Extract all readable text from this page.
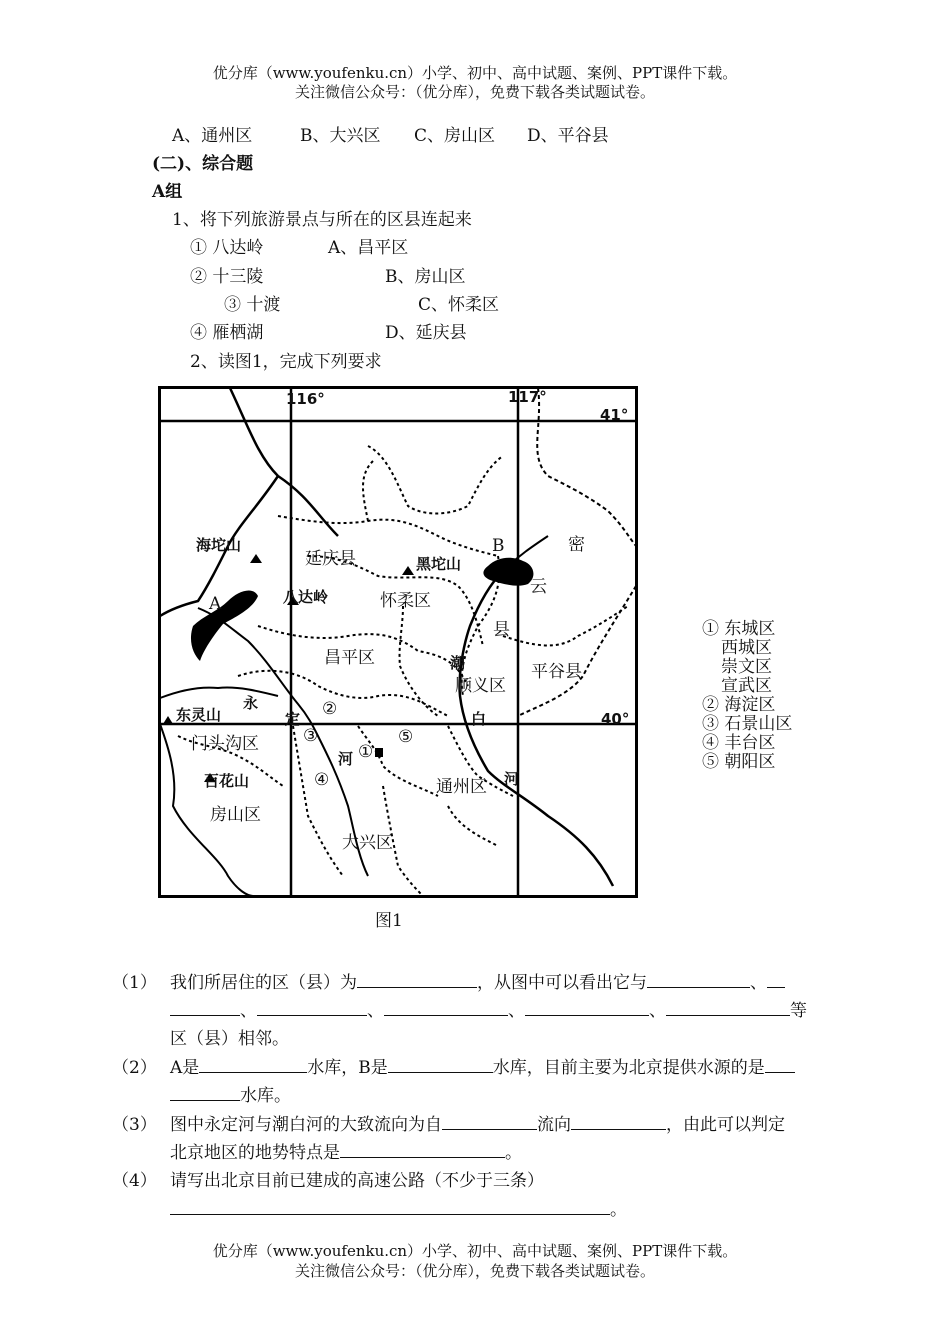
优分库（www.youfenku.cn）小学、初中、高中试题、案例、PPT课件下载。
关注微信公众号：（优分库），免费下载各类试题试卷。
A、通州区	B、大兴区 C、房山区 D、平谷县
(二)、综合题
A组
1、将下列旅游景点与所在的区县连起来
① 八达岭	A、昌平区
② 十三陵	B、房山区
③ 十渡	C、怀柔区
④ 雁栖湖	D、延庆县
2、读图1，完成下列要求
116°	117°
41°
40°
海坨山
延庆县	黑坨山
B	密
云
县
A	八达岭	怀柔区
昌平区	潮
顺义区
平谷县
永
定	白
东灵山
门头沟区
②
③
①
⑤
④
河
河
百花山
房山区
通州区
大兴区
图1
① 东城区
西城区
崇文区
宣武区
② 海淀区
③ 石景山区
④ 丰台区
⑤ 朝阳区
（1） 我们所居住的区（县）为	，从图中可以看出它与	、
、	、	、	、	等
区（县）相邻。
（2） A是	水库，B是	水库，目前主要为北京提供水源的是
水库。
（3） 图中永定河与潮白河的大致流向为自	流向	，由此可以判定
北京地区的地势特点是	。
（4） 请写出北京目前已建成的高速公路（不少于三条）
。
优分库（www.youfenku.cn）小学、初中、高中试题、案例、PPT课件下载。
关注微信公众号：（优分库），免费下载各类试题试卷。
